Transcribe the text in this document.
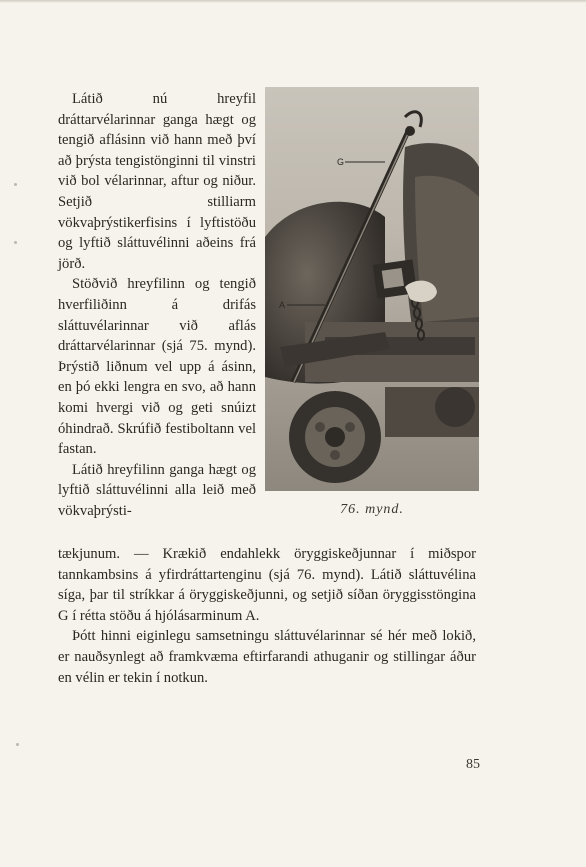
Látið nú hreyfil dráttarvélarinnar ganga hægt og tengið aflásinn við hann með því að þrýsta tengistönginni til vinstri við bol vélarinnar, aftur og niður. Setjið stilliarm vökvaþrýstikerfisins í lyftistöðu og lyftið sláttuvélinni aðeins frá jörð.

Stöðvið hreyfilinn og tengið hverfiliðinn á drifás sláttuvélarinnar við aflás dráttarvélarinnar (sjá 75. mynd). Þrýstið liðnum vel upp á ásinn, en þó ekki lengra en svo, að hann komi hvergi við og geti snúizt óhindrað. Skrúfið festiboltann vel fastan.

Látið hreyfilinn ganga hægt og lyftið sláttuvélinni alla leið með vökvaþrýsti-

G
A
76. mynd.

tækjunum. — Krækið endahlekk öryggiskeðjunnar í miðspor tannkambsins á yfirdráttartenginu (sjá 76. mynd). Látið sláttuvélina síga, þar til stríkkar á öryggiskeðjunni, og setjið síðan öryggisstöngina G í rétta stöðu á hjólásarminum A.

Þótt hinni eiginlegu samsetningu sláttuvélarinnar sé hér með lokið, er nauðsynlegt að framkvæma eftirfarandi athuganir og stillingar áður en vélin er tekin í notkun.

85
